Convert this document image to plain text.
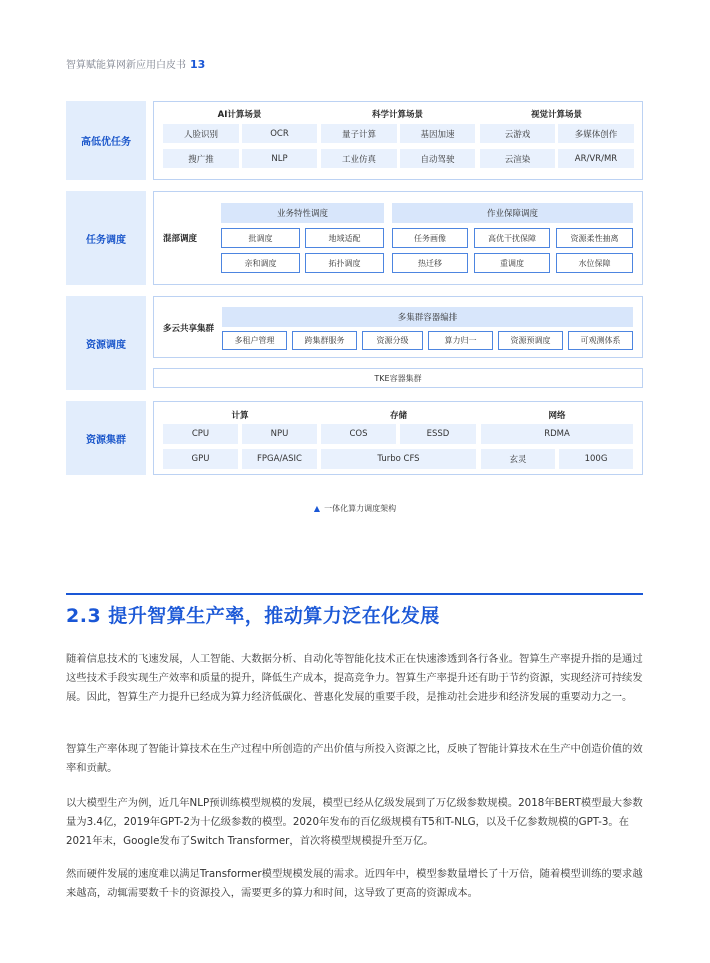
智算赋能算网新应用白皮书 13
高低优任务
任务调度
资源调度
资源集群
AI计算场景	科学计算场景	视觉计算场景
人脸识别	OCR	量子计算	基因加速	云游戏	多媒体创作
搜广推	NLP	工业仿真	自动驾驶	云渲染	AR/VR/MR
混部调度
业务特性调度	作业保障调度
批调度	地域适配	任务画像	高优干扰保障	资源柔性抽离
亲和调度	拓扑调度	热迁移	重调度	水位保障
多云共享集群
多集群容器编排
多租户管理	跨集群服务	资源分级	算力归一	资源预调度	可观测体系
TKE容器集群
计算	存储	网络
CPU	NPU	COS	ESSD	RDMA
GPU	FPGA/ASIC	Turbo CFS	玄灵	100G
▲ 一体化算力调度架构
2.3 提升智算生产率，推动算力泛在化发展
随着信息技术的飞速发展，人工智能、大数据分析、自动化等智能化技术正在快速渗透到各行各业。智算生产率提升指的是通过这些技术手段实现生产效率和质量的提升，降低生产成本，提高竞争力。智算生产率提升还有助于节约资源，实现经济可持续发展。因此，智算生产力提升已经成为算力经济低碳化、普惠化发展的重要手段，是推动社会进步和经济发展的重要动力之一。
智算生产率体现了智能计算技术在生产过程中所创造的产出价值与所投入资源之比，反映了智能计算技术在生产中创造价值的效率和贡献。
以大模型生产为例，近几年NLP预训练模型规模的发展，模型已经从亿级发展到了万亿级参数规模。2018年BERT模型最大参数量为3.4亿，2019年GPT-2为十亿级参数的模型。2020年发布的百亿级规模有T5和T-NLG，以及千亿参数规模的GPT-3。在2021年末，Google发布了Switch Transformer，首次将模型规模提升至万亿。
然而硬件发展的速度难以满足Transformer模型规模发展的需求。近四年中，模型参数量增长了十万倍，随着模型训练的要求越来越高，动辄需要数千卡的资源投入，需要更多的算力和时间，这导致了更高的资源成本。
